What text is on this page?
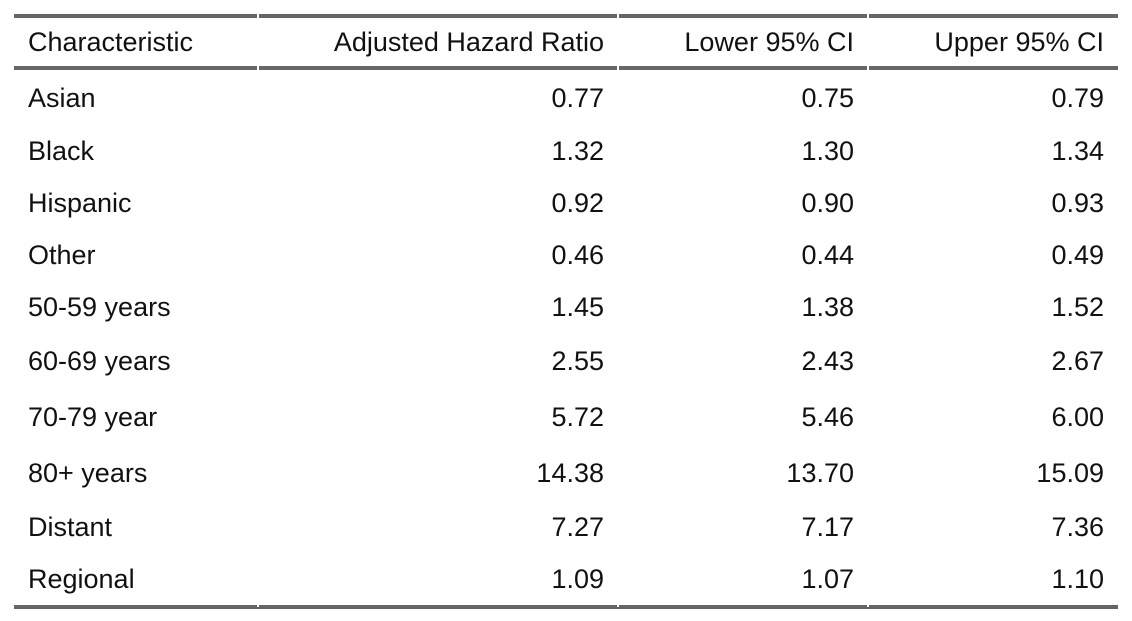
Characteristic	Adjusted Hazard Ratio	Lower 95% CI	Upper 95% CI
Asian	0.77	0.75	0.79
Black	1.32	1.30	1.34
Hispanic	0.92	0.90	0.93
Other	0.46	0.44	0.49
50-59 years	1.45	1.38	1.52
60-69 years	2.55	2.43	2.67
70-79 year	5.72	5.46	6.00
80+ years	14.38	13.70	15.09
Distant	7.27	7.17	7.36
Regional	1.09	1.07	1.10
